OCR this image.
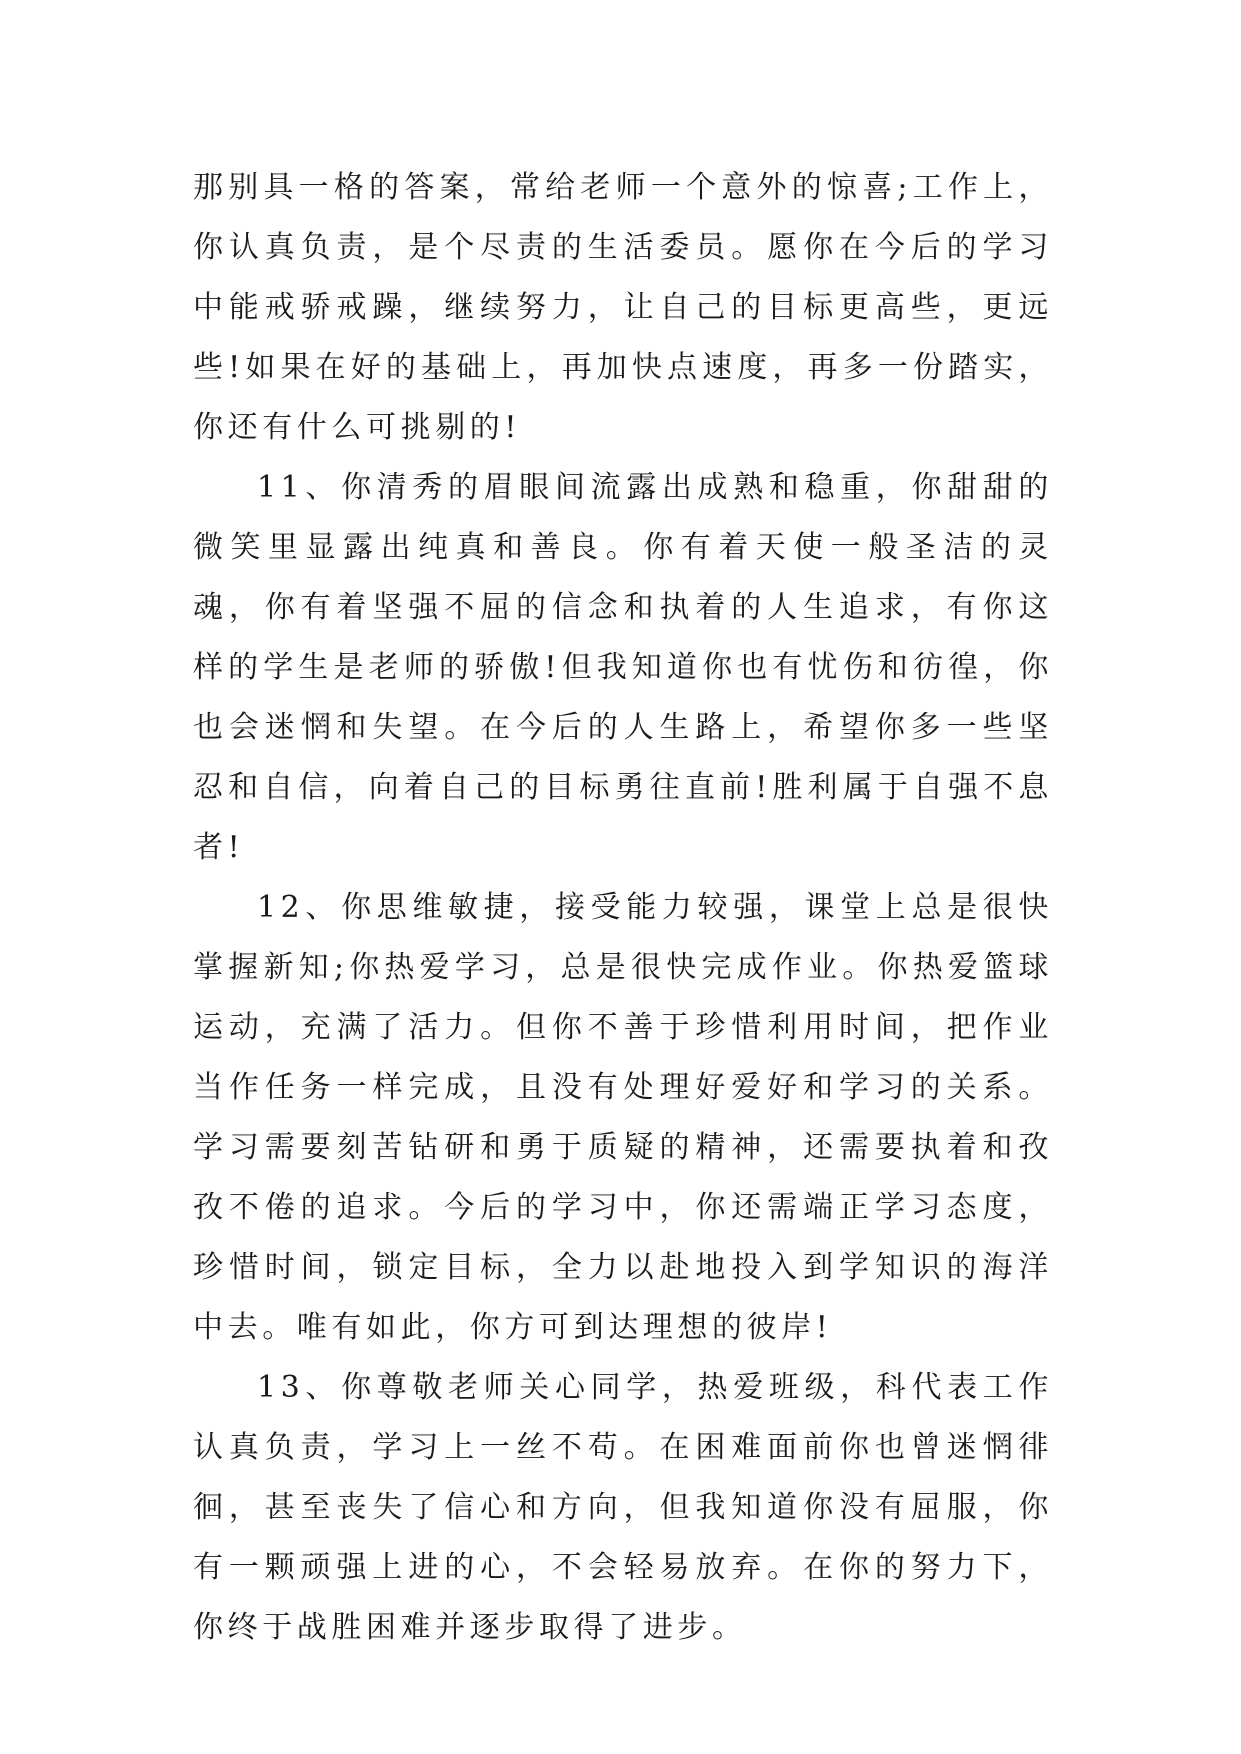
那别具一格的答案，常给老师一个意外的惊喜;工作上，你认真负责，是个尽责的生活委员。愿你在今后的学习中能戒骄戒躁，继续努力，让自己的目标更高些，更远些!如果在好的基础上，再加快点速度，再多一份踏实，你还有什么可挑剔的!

11、你清秀的眉眼间流露出成熟和稳重，你甜甜的微笑里显露出纯真和善良。你有着天使一般圣洁的灵魂，你有着坚强不屈的信念和执着的人生追求，有你这样的学生是老师的骄傲!但我知道你也有忧伤和彷徨，你也会迷惘和失望。在今后的人生路上，希望你多一些坚忍和自信，向着自己的目标勇往直前!胜利属于自强不息者!

12、你思维敏捷，接受能力较强，课堂上总是很快掌握新知;你热爱学习，总是很快完成作业。你热爱篮球运动，充满了活力。但你不善于珍惜利用时间，把作业当作任务一样完成，且没有处理好爱好和学习的关系。学习需要刻苦钻研和勇于质疑的精神，还需要执着和孜孜不倦的追求。今后的学习中，你还需端正学习态度，珍惜时间，锁定目标，全力以赴地投入到学知识的海洋中去。唯有如此，你方可到达理想的彼岸!

13、你尊敬老师关心同学，热爱班级，科代表工作认真负责，学习上一丝不苟。在困难面前你也曾迷惘徘徊，甚至丧失了信心和方向，但我知道你没有屈服，你有一颗顽强上进的心，不会轻易放弃。在你的努力下，你终于战胜困难并逐步取得了进步。
